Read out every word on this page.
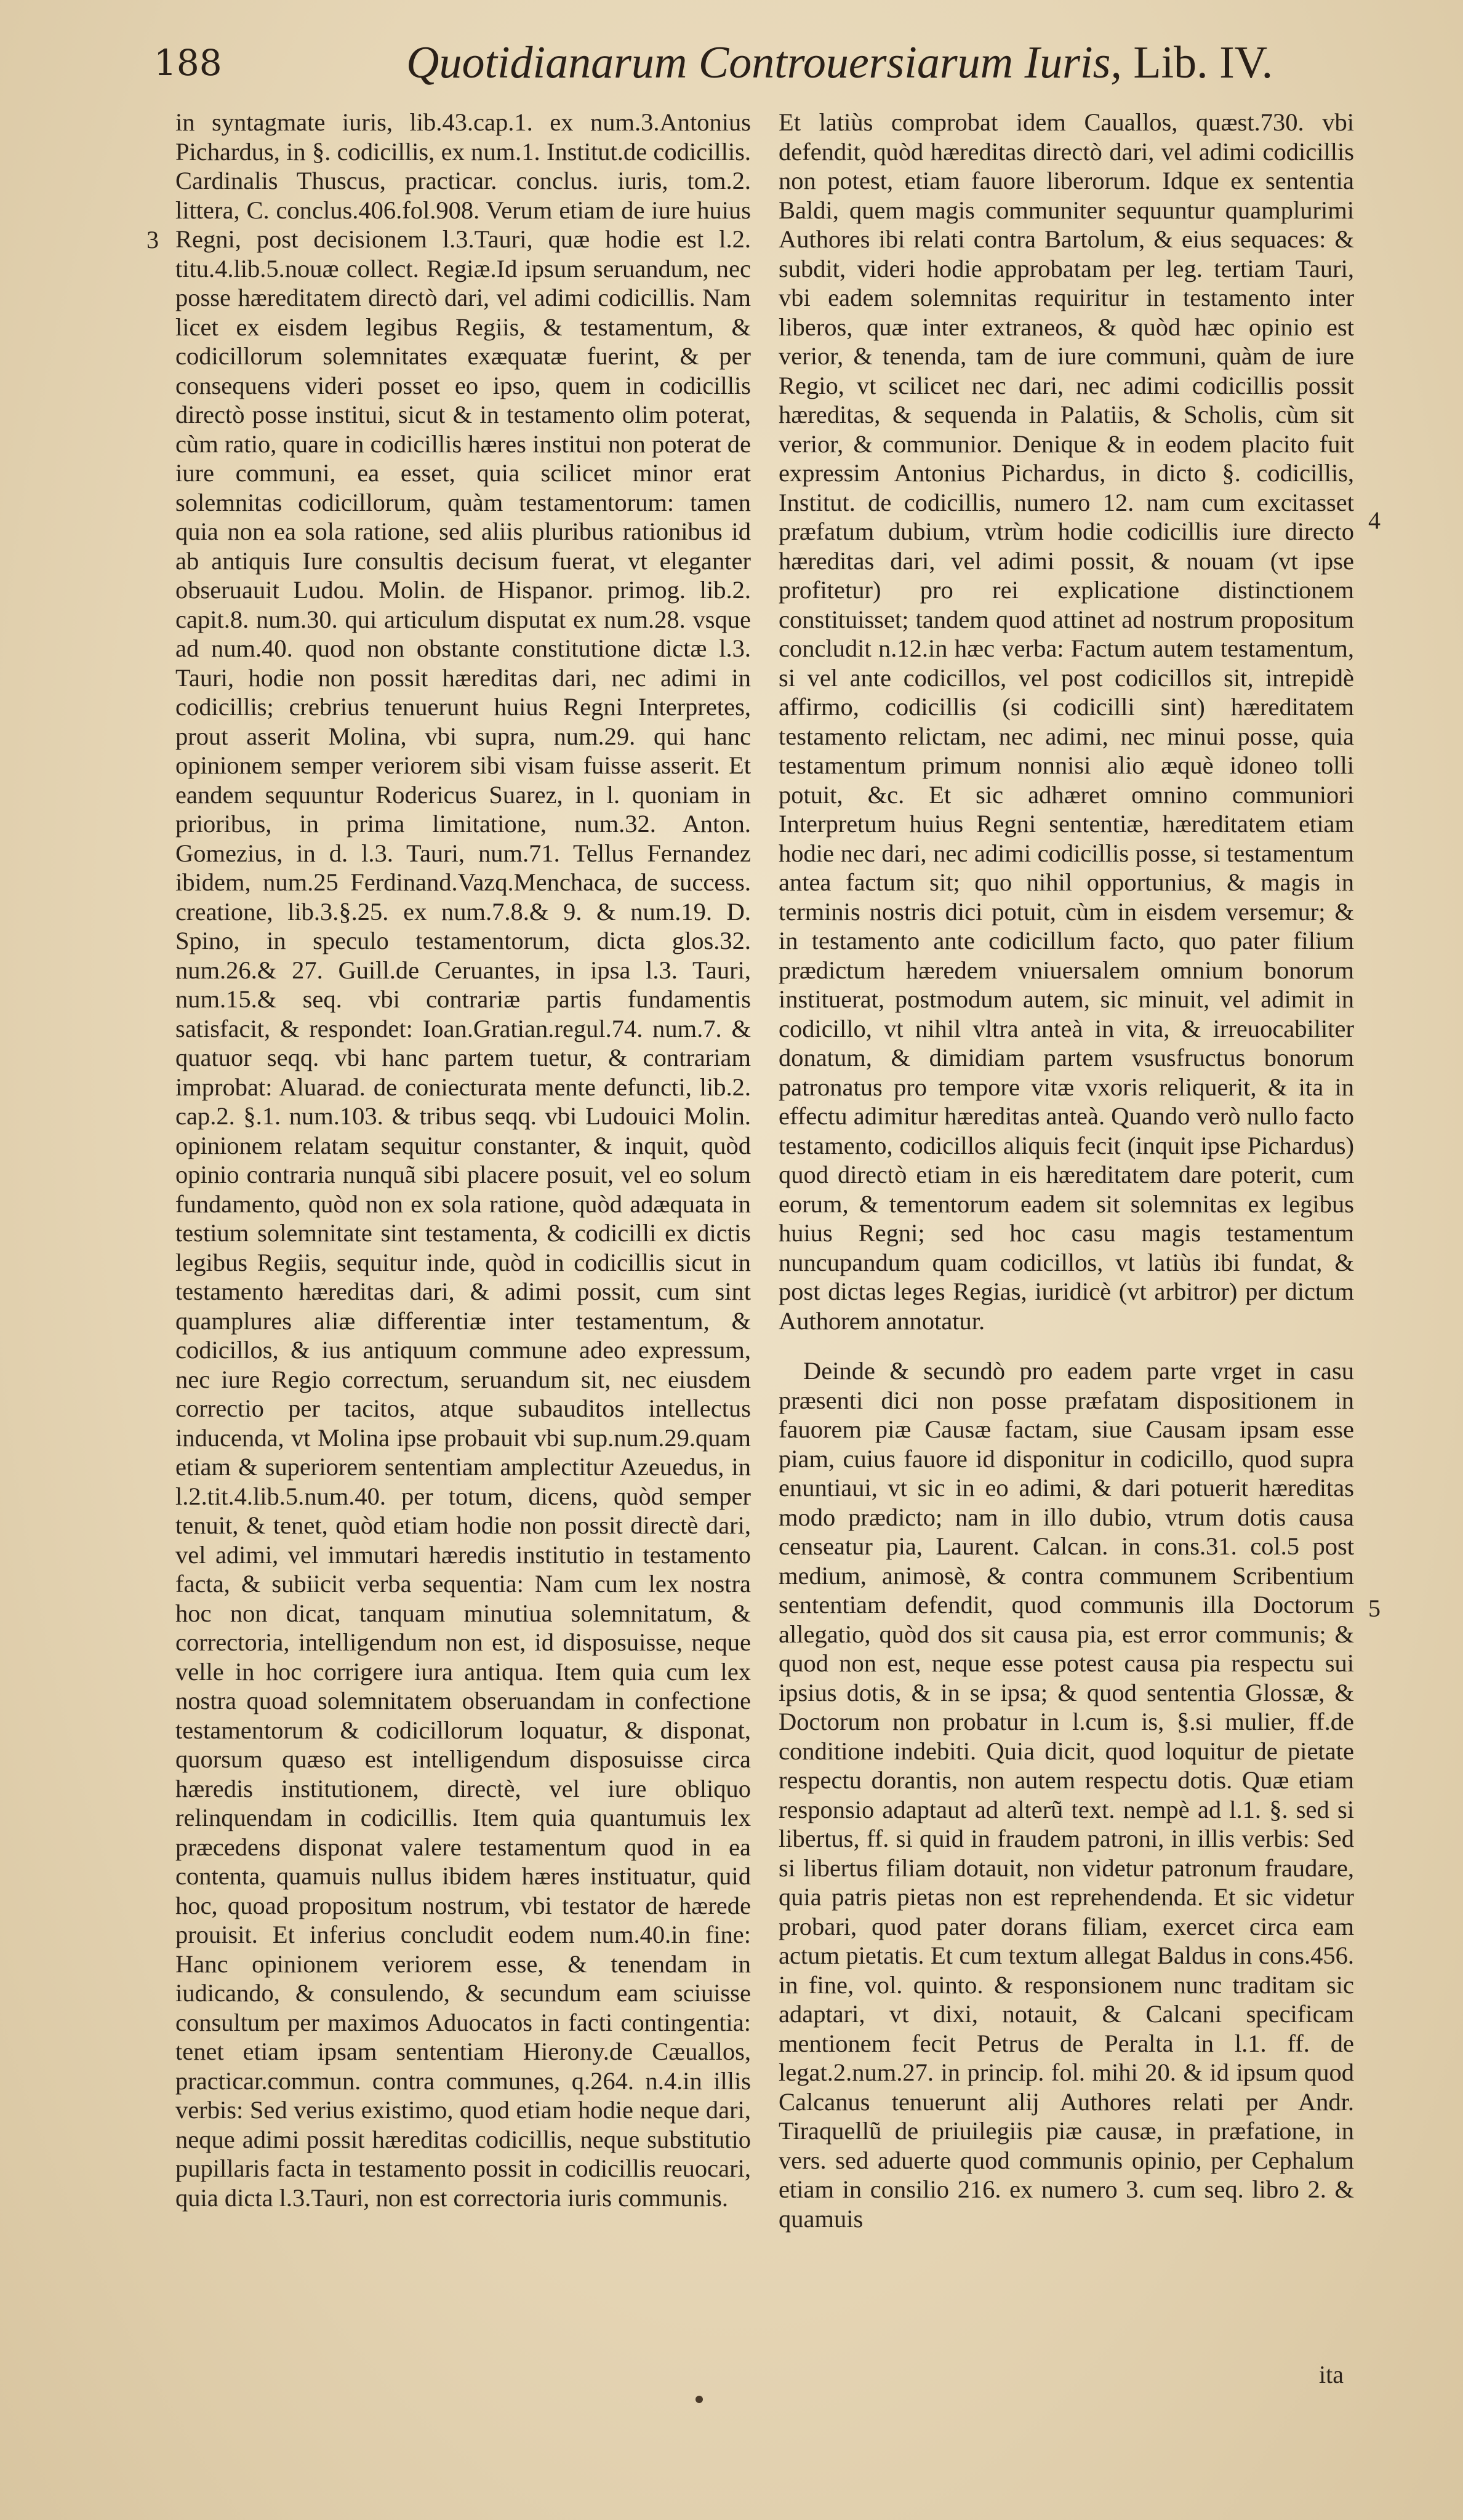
188	Quotidianarum Controuersiarum Iuris, Lib. IV.
3
4
5

in syntagmate iuris, lib.43.cap.1. ex num.3.Antonius Pichardus, in §. codicillis, ex num.1. Institut.de codicillis. Cardinalis Thuscus, practicar. conclus. iuris, tom.2. littera, C. conclus.406.fol.908. Verum etiam de iure huius Regni, post decisionem l.3.Tauri, quæ hodie est l.2. titu.4.lib.5.nouæ collect. Regiæ.Id ipsum seruandum, nec posse hæreditatem directò dari, vel adimi codicillis. Nam licet ex eisdem legibus Regiis, & testamentum, & codicillorum solemnitates exæquatæ fuerint, & per consequens videri posset eo ipso, quem in codicillis directò posse institui, sicut & in testamento olim poterat, cùm ratio, quare in codicillis hæres institui non poterat de iure communi, ea esset, quia scilicet minor erat solemnitas codicillorum, quàm testamentorum: tamen quia non ea sola ratione, sed aliis pluribus rationibus id ab antiquis Iure consultis decisum fuerat, vt eleganter obseruauit Ludou. Molin. de Hispanor. primog. lib.2. capit.8. num.30. qui articulum disputat ex num.28. vsque ad num.40. quod non obstante constitutione dictæ l.3. Tauri, hodie non possit hæreditas dari, nec adimi in codicillis; crebrius tenuerunt huius Regni Interpretes, prout asserit Molina, vbi supra, num.29. qui hanc opinionem semper veriorem sibi visam fuisse asserit. Et eandem sequuntur Rodericus Suarez, in l. quoniam in prioribus, in prima limitatione, num.32. Anton. Gomezius, in d. l.3. Tauri, num.71. Tellus Fernandez ibidem, num.25 Ferdinand.Vazq.Menchaca, de success. creatione, lib.3.§.25. ex num.7.8.& 9. & num.19. D. Spino, in speculo testamentorum, dicta glos.32. num.26.& 27. Guill.de Ceruantes, in ipsa l.3. Tauri, num.15.& seq. vbi contrariæ partis fundamentis satisfacit, & respondet: Ioan.Gratian.regul.74. num.7. & quatuor seqq. vbi hanc partem tuetur, & contrariam improbat: Aluarad. de coniecturata mente defuncti, lib.2. cap.2. §.1. num.103. & tribus seqq. vbi Ludouici Molin. opinionem relatam sequitur constanter, & inquit, quòd opinio contraria nunquã sibi placere posuit, vel eo solum fundamento, quòd non ex sola ratione, quòd adæquata in testium solemnitate sint testamenta, & codicilli ex dictis legibus Regiis, sequitur inde, quòd in codicillis sicut in testamento hæreditas dari, & adimi possit, cum sint quamplures aliæ differentiæ inter testamentum, & codicillos, & ius antiquum commune adeo expressum, nec iure Regio correctum, seruandum sit, nec eiusdem correctio per tacitos, atque subauditos intellectus inducenda, vt Molina ipse probauit vbi sup.num.29.quam etiam & superiorem sententiam amplectitur Azeuedus, in l.2.tit.4.lib.5.num.40. per totum, dicens, quòd semper tenuit, & tenet, quòd etiam hodie non possit directè dari, vel adimi, vel immutari hæredis institutio in testamento facta, & subiicit verba sequentia: Nam cum lex nostra hoc non dicat, tanquam minutiua solemnitatum, & correctoria, intelligendum non est, id disposuisse, neque velle in hoc corrigere iura antiqua. Item quia cum lex nostra quoad solemnitatem obseruandam in confectione testamentorum & codicillorum loquatur, & disponat, quorsum quæso est intelligendum disposuisse circa hæredis institutionem, directè, vel iure obliquo relinquendam in codicillis. Item quia quantumuis lex præcedens disponat valere testamentum quod in ea contenta, quamuis nullus ibidem hæres instituatur, quid hoc, quoad propositum nostrum, vbi testator de hærede prouisit. Et inferius concludit eodem num.40.in fine: Hanc opinionem veriorem esse, & tenendam in iudicando, & consulendo, & secundum eam sciuisse consultum per maximos Aduocatos in facti contingentia: tenet etiam ipsam sententiam Hierony.de Cæuallos, practicar.commun. contra communes, q.264. n.4.in illis verbis: Sed verius existimo, quod etiam hodie neque dari, neque adimi possit hæreditas codicillis, neque substitutio pupillaris facta in testamento possit in codicillis reuocari, quia dicta l.3.Tauri, non est correctoria iuris communis.

Et latiùs comprobat idem Cauallos, quæst.730. vbi defendit, quòd hæreditas directò dari, vel adimi codicillis non potest, etiam fauore liberorum. Idque ex sententia Baldi, quem magis communiter sequuntur quamplurimi Authores ibi relati contra Bartolum, & eius sequaces: & subdit, videri hodie approbatam per leg. tertiam Tauri, vbi eadem solemnitas requiritur in testamento inter liberos, quæ inter extraneos, & quòd hæc opinio est verior, & tenenda, tam de iure communi, quàm de iure Regio, vt scilicet nec dari, nec adimi codicillis possit hæreditas, & sequenda in Palatiis, & Scholis, cùm sit verior, & communior. Denique & in eodem placito fuit expressim Antonius Pichardus, in dicto §. codicillis, Institut. de codicillis, numero 12. nam cum excitasset præfatum dubium, vtrùm hodie codicillis iure directo hæreditas dari, vel adimi possit, & nouam (vt ipse profitetur) pro rei explicatione distinctionem constituisset; tandem quod attinet ad nostrum propositum concludit n.12.in hæc verba: Factum autem testamentum, si vel ante codicillos, vel post codicillos sit, intrepidè affirmo, codicillis (si codicilli sint) hæreditatem testamento relictam, nec adimi, nec minui posse, quia testamentum primum nonnisi alio æquè idoneo tolli potuit, &c. Et sic adhæret omnino communiori Interpretum huius Regni sententiæ, hæreditatem etiam hodie nec dari, nec adimi codicillis posse, si testamentum antea factum sit; quo nihil opportunius, & magis in terminis nostris dici potuit, cùm in eisdem versemur; & in testamento ante codicillum facto, quo pater filium prædictum hæredem vniuersalem omnium bonorum instituerat, postmodum autem, sic minuit, vel adimit in codicillo, vt nihil vltra anteà in vita, & irreuocabiliter donatum, & dimidiam partem vsusfructus bonorum patronatus pro tempore vitæ vxoris reliquerit, & ita in effectu adimitur hæreditas anteà. Quando verò nullo facto testamento, codicillos aliquis fecit (inquit ipse Pichardus) quod directò etiam in eis hæreditatem dare poterit, cum eorum, & tementorum eadem sit solemnitas ex legibus huius Regni; sed hoc casu magis testamentum nuncupandum quam codicillos, vt latiùs ibi fundat, & post dictas leges Regias, iuridicè (vt arbitror) per dictum Authorem annotatur.

Deinde & secundò pro eadem parte vrget in casu præsenti dici non posse præfatam dispositionem in fauorem piæ Causæ factam, siue Causam ipsam esse piam, cuius fauore id disponitur in codicillo, quod supra enuntiaui, vt sic in eo adimi, & dari potuerit hæreditas modo prædicto; nam in illo dubio, vtrum dotis causa censeatur pia, Laurent. Calcan. in cons.31. col.5 post medium, animosè, & contra communem Scribentium sententiam defendit, quod communis illa Doctorum allegatio, quòd dos sit causa pia, est error communis; & quod non est, neque esse potest causa pia respectu sui ipsius dotis, & in se ipsa; & quod sententia Glossæ, & Doctorum non probatur in l.cum is, §.si mulier, ff.de conditione indebiti. Quia dicit, quod loquitur de pietate respectu dorantis, non autem respectu dotis. Quæ etiam responsio adaptaut ad alterũ text. nempè ad l.1. §. sed si libertus, ff. si quid in fraudem patroni, in illis verbis: Sed si libertus filiam dotauit, non videtur patronum fraudare, quia patris pietas non est reprehendenda. Et sic videtur probari, quod pater dorans filiam, exercet circa eam actum pietatis. Et cum textum allegat Baldus in cons.456. in fine, vol. quinto. & responsionem nunc traditam sic adaptari, vt dixi, notauit, & Calcani specificam mentionem fecit Petrus de Peralta in l.1. ff. de legat.2.num.27. in princip. fol. mihi 20. & id ipsum quod Calcanus tenuerunt alij Authores relati per Andr. Tiraquellũ de priuilegiis piæ causæ, in præfatione, in vers. sed aduerte quod communis opinio, per Cephalum etiam in consilio 216. ex numero 3. cum seq. libro 2. & quamuis

ita
